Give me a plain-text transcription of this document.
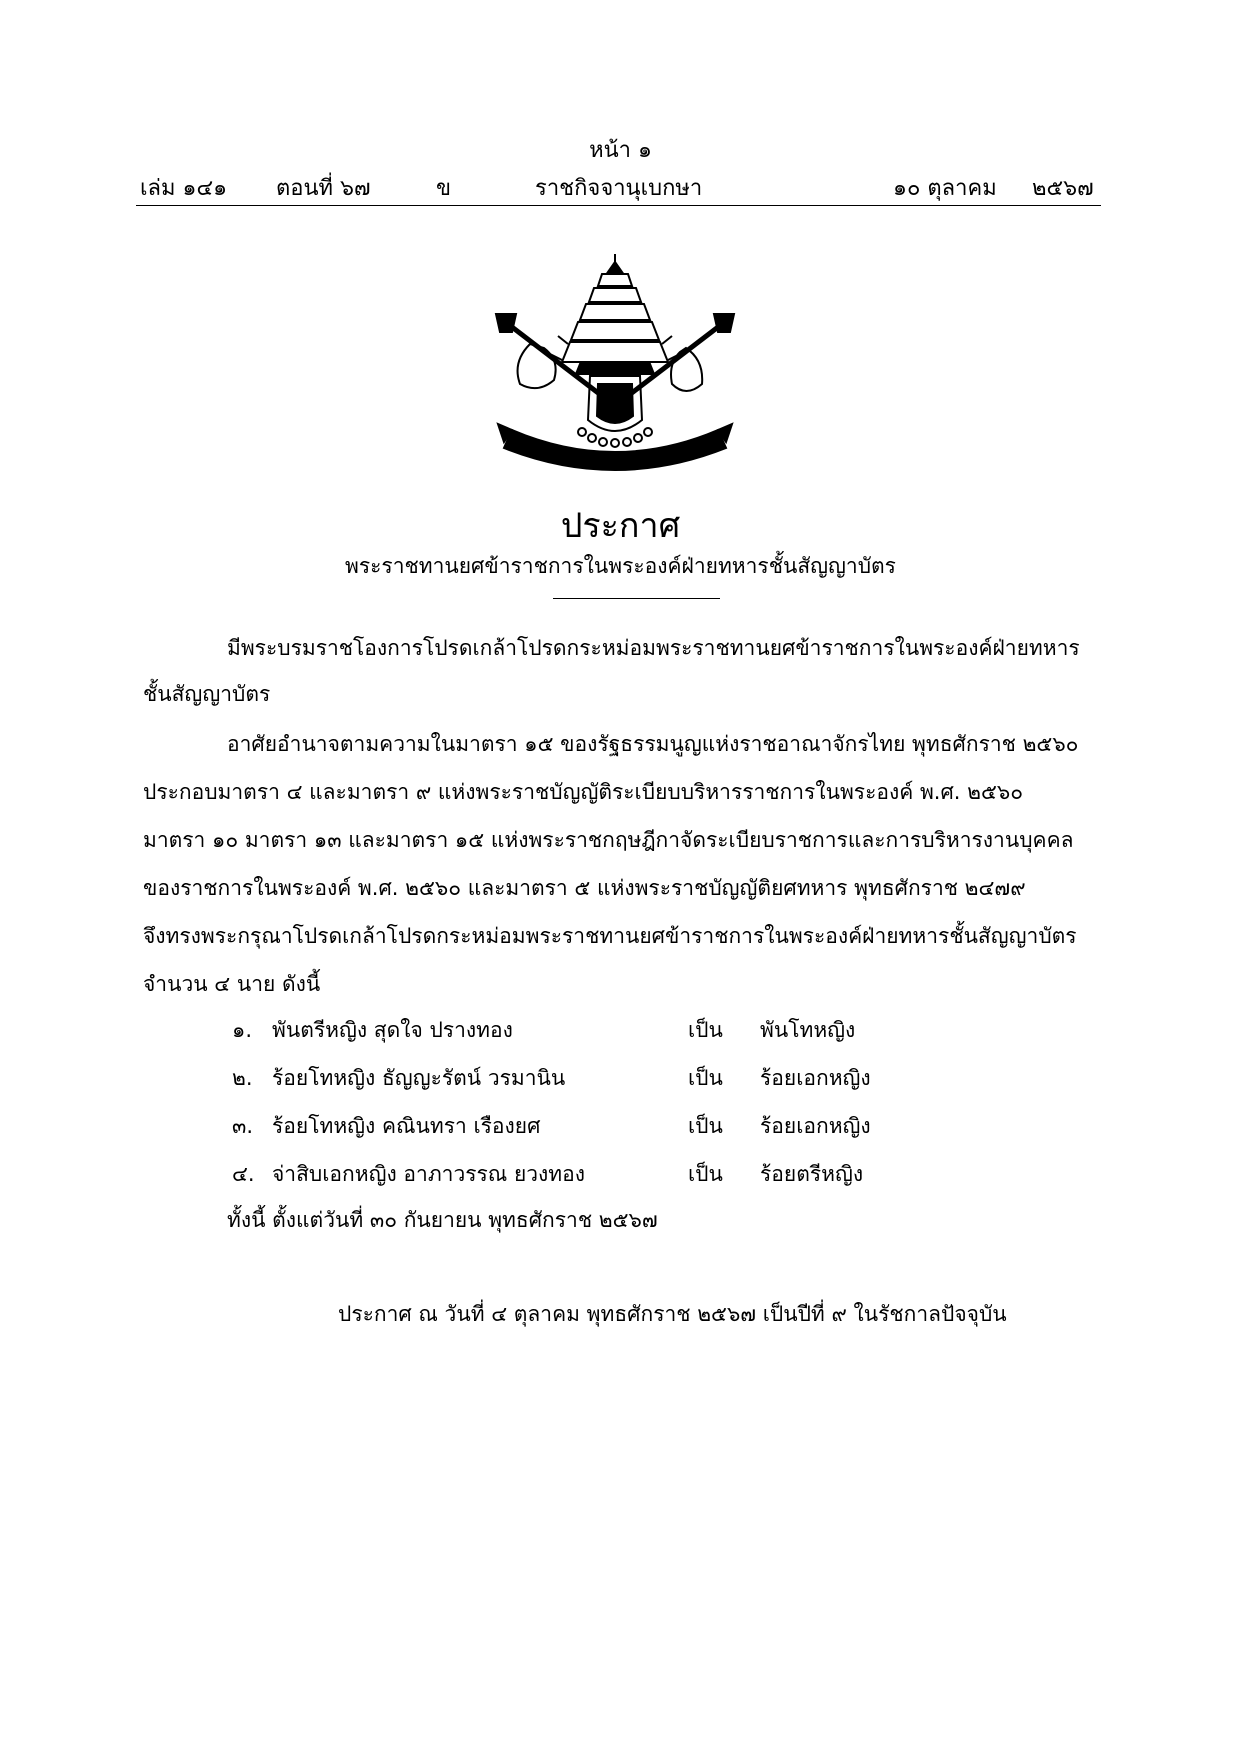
หน้า ๑
เล่ม ๑๔๑ ตอนที่ ๖๗	ข	ราชกิจจานุเบกษา	๑๐ ตุลาคม ๒๕๖๗
ประกาศ
พระราชทานยศข้าราชการในพระองค์ฝ่ายทหารชั้นสัญญาบัตร
มีพระบรมราชโองการโปรดเกล้าโปรดกระหม่อมพระราชทานยศข้าราชการในพระองค์ฝ่ายทหาร
ชั้นสัญญาบัตร
อาศัยอำนาจตามความในมาตรา ๑๕ ของรัฐธรรมนูญแห่งราชอาณาจักรไทย พุทธศักราช ๒๕๖๐
ประกอบมาตรา ๔ และมาตรา ๙ แห่งพระราชบัญญัติระเบียบบริหารราชการในพระองค์ พ.ศ. ๒๕๖๐
มาตรา ๑๐ มาตรา ๑๓ และมาตรา ๑๕ แห่งพระราชกฤษฎีกาจัดระเบียบราชการและการบริหารงานบุคคล
ของราชการในพระองค์ พ.ศ. ๒๕๖๐ และมาตรา ๕ แห่งพระราชบัญญัติยศทหาร พุทธศักราช ๒๔๗๙
จึงทรงพระกรุณาโปรดเกล้าโปรดกระหม่อมพระราชทานยศข้าราชการในพระองค์ฝ่ายทหารชั้นสัญญาบัตร
จำนวน ๔ นาย ดังนี้
๑. พันตรีหญิง สุดใจ ปรางทอง	เป็น พันโทหญิง
๒. ร้อยโทหญิง ธัญญะรัตน์ วรมานิน	เป็น ร้อยเอกหญิง
๓. ร้อยโทหญิง คณินทรา เรืองยศ	เป็น ร้อยเอกหญิง
๔. จ่าสิบเอกหญิง อาภาวรรณ ยวงทอง	เป็น ร้อยตรีหญิง
ทั้งนี้ ตั้งแต่วันที่ ๓๐ กันยายน พุทธศักราช ๒๕๖๗
ประกาศ ณ วันที่ ๔ ตุลาคม พุทธศักราช ๒๕๖๗ เป็นปีที่ ๙ ในรัชกาลปัจจุบัน
